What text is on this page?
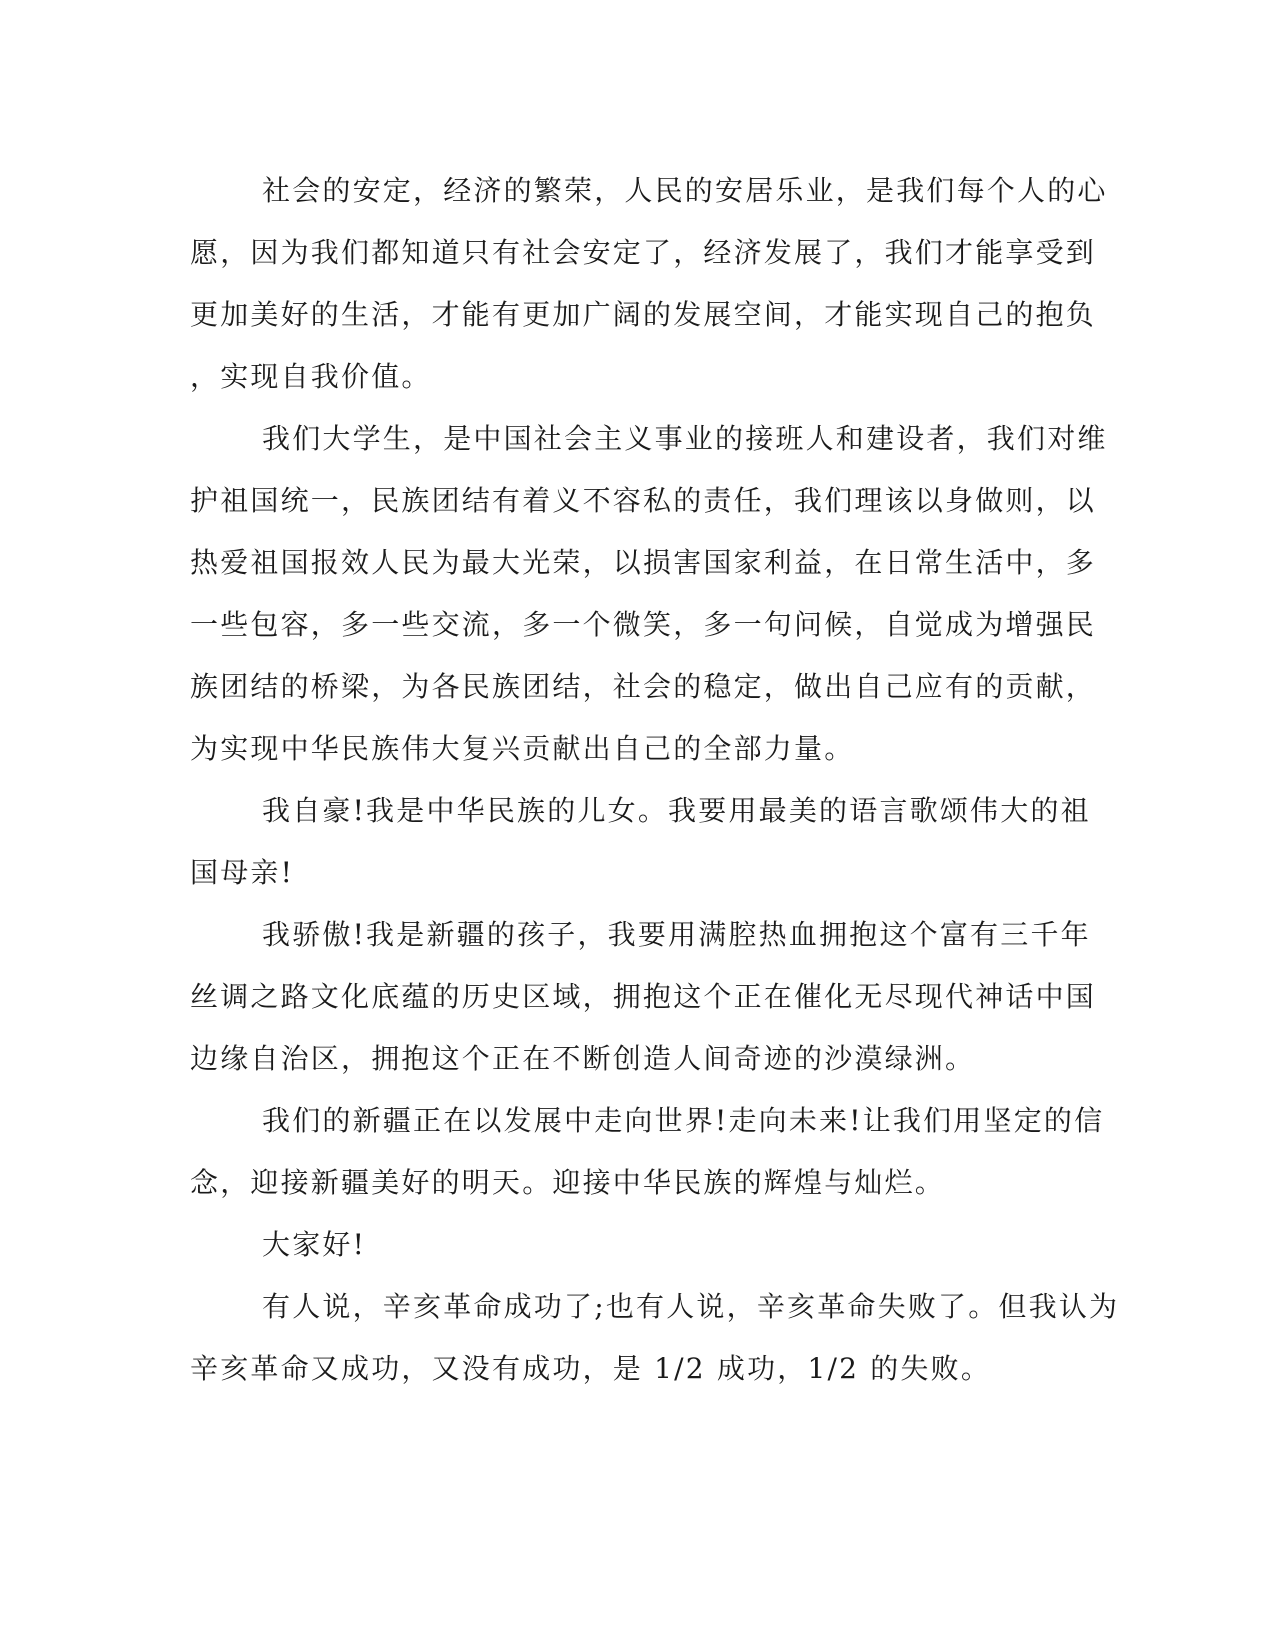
社会的安定，经济的繁荣，人民的安居乐业，是我们每个人的心
愿，因为我们都知道只有社会安定了，经济发展了，我们才能享受到
更加美好的生活，才能有更加广阔的发展空间，才能实现自己的抱负
，实现自我价值。
我们大学生，是中国社会主义事业的接班人和建设者，我们对维
护祖国统一，民族团结有着义不容私的责任，我们理该以身做则，以
热爱祖国报效人民为最大光荣，以损害国家利益，在日常生活中，多
一些包容，多一些交流，多一个微笑，多一句问候，自觉成为增强民
族团结的桥梁，为各民族团结，社会的稳定，做出自己应有的贡献，
为实现中华民族伟大复兴贡献出自己的全部力量。
我自豪!我是中华民族的儿女。我要用最美的语言歌颂伟大的祖
国母亲!
我骄傲!我是新疆的孩子，我要用满腔热血拥抱这个富有三千年
丝调之路文化底蕴的历史区域，拥抱这个正在催化无尽现代神话中国
边缘自治区，拥抱这个正在不断创造人间奇迹的沙漠绿洲。
我们的新疆正在以发展中走向世界!走向未来!让我们用坚定的信
念，迎接新疆美好的明天。迎接中华民族的辉煌与灿烂。
大家好!
有人说，辛亥革命成功了;也有人说，辛亥革命失败了。但我认为
辛亥革命又成功，又没有成功，是 1/2 成功，1/2 的失败。
